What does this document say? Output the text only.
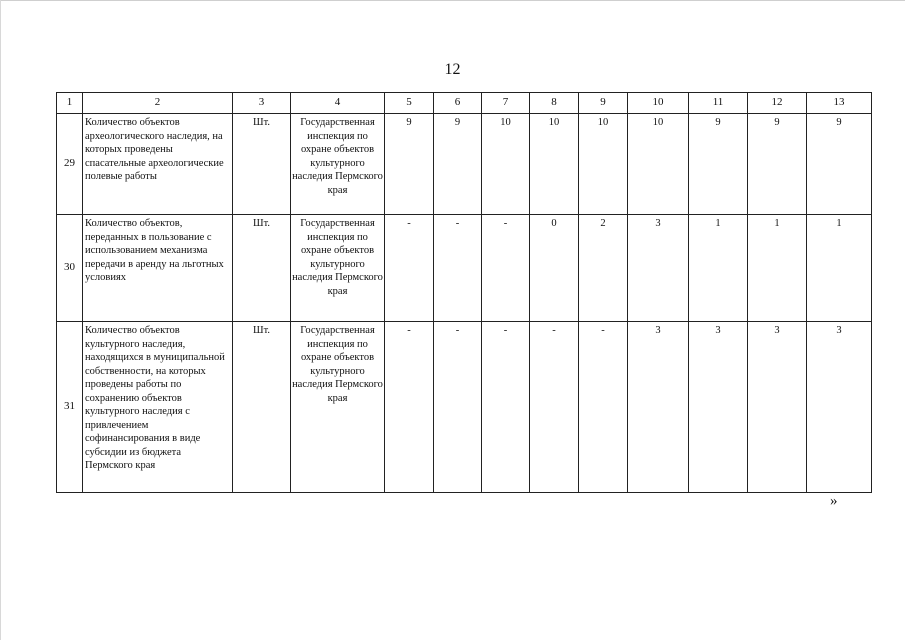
12
1	2	3	4	5	6	7	8	9	10	11	12	13
29	Количество объектов археологического наследия, на которых проведены спасательные археологические полевые работы	Шт.	Государственная инспекция по охране объектов культурного наследия Пермского края	9	9	10	10	10	10	9	9	9
30	Количество объектов, переданных в пользование с использованием механизма передачи в аренду на льготных условиях	Шт.	Государственная инспекция по охране объектов культурного наследия Пермского края	-	-	-	0	2	3	1	1	1
31	Количество объектов культурного наследия, находящихся в муниципальной собственности, на которых проведены работы по сохранению объектов культурного наследия с привлечением софинансирования в виде субсидии из бюджета Пермского края	Шт.	Государственная инспекция по охране объектов культурного наследия Пермского края	-	-	-	-	-	3	3	3	3
»
